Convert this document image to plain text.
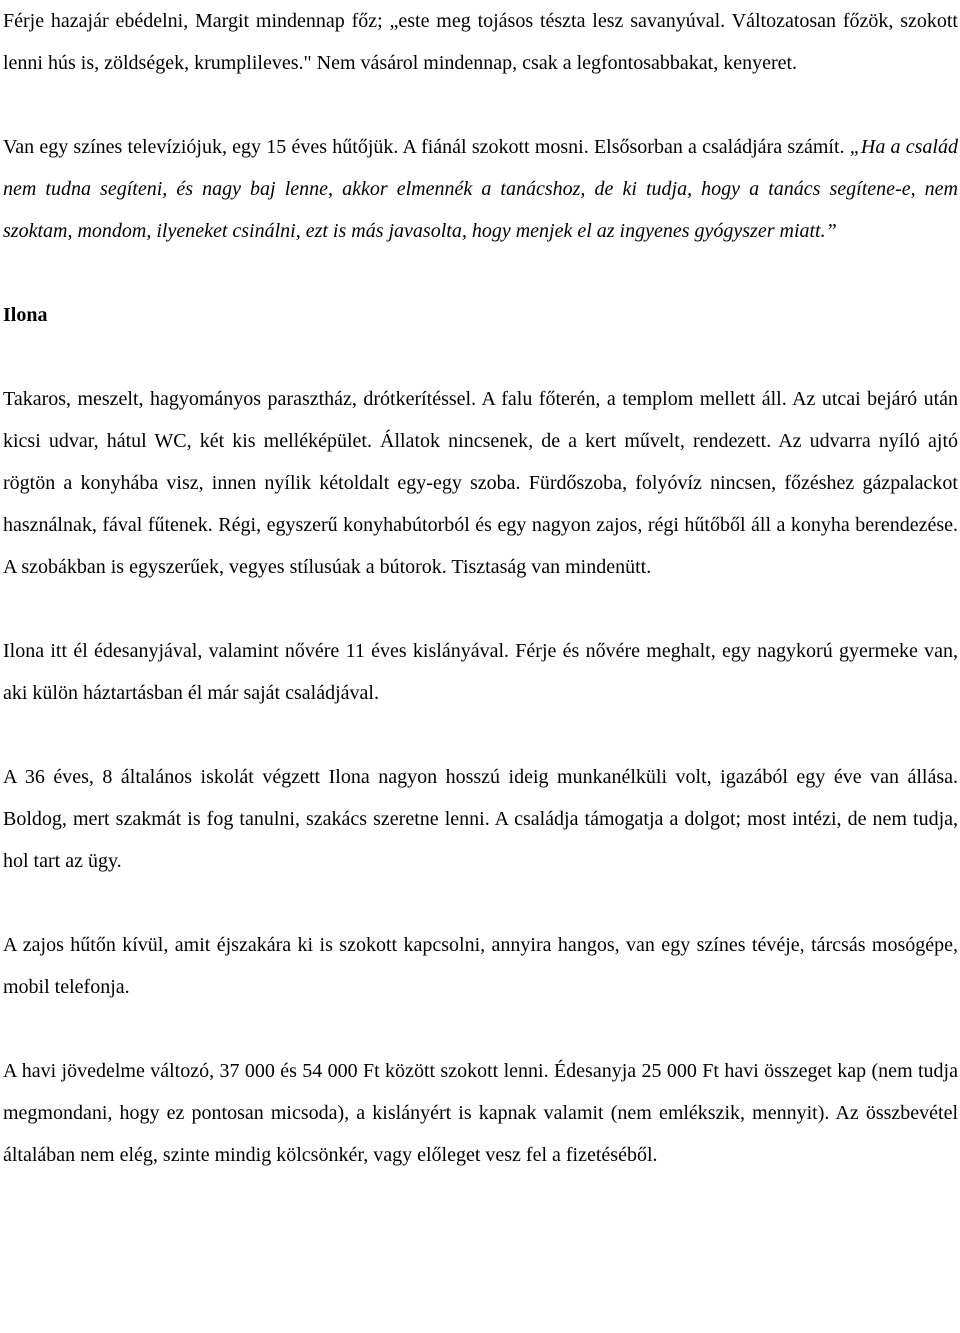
Férje hazajár ebédelni, Margit mindennap főz; „este meg tojásos tészta lesz savanyúval. Változatosan főzök, szokott lenni hús is, zöldségek, krumplileves." Nem vásárol mindennap, csak a legfontosabbakat, kenyeret.

Van egy színes televíziójuk, egy 15 éves hűtőjük. A fiánál szokott mosni. Elsősorban a családjára számít. „Ha a család nem tudna segíteni, és nagy baj lenne, akkor elmennék a tanácshoz, de ki tudja, hogy a tanács segítene-e, nem szoktam, mondom, ilyeneket csinálni, ezt is más javasolta, hogy menjek el az ingyenes gyógyszer miatt.”

Ilona

Takaros, meszelt, hagyományos parasztház, drótkerítéssel. A falu főterén, a templom mellett áll. Az utcai bejáró után kicsi udvar, hátul WC, két kis melléképület. Állatok nincsenek, de a kert művelt, rendezett. Az udvarra nyíló ajtó rögtön a konyhába visz, innen nyílik kétoldalt egy-egy szoba. Fürdőszoba, folyóvíz nincsen, főzéshez gázpalackot használnak, fával fűtenek. Régi, egyszerű konyhabútorból és egy nagyon zajos, régi hűtőből áll a konyha berendezése. A szobákban is egyszerűek, vegyes stílusúak a bútorok. Tisztaság van mindenütt.

Ilona itt él édesanyjával, valamint nővére 11 éves kislányával. Férje és nővére meghalt, egy nagykorú gyermeke van, aki külön háztartásban él már saját családjával.

A 36 éves, 8 általános iskolát végzett Ilona nagyon hosszú ideig munkanélküli volt, igazából egy éve van állása. Boldog, mert szakmát is fog tanulni, szakács szeretne lenni. A családja támogatja a dolgot; most intézi, de nem tudja, hol tart az ügy.

A zajos hűtőn kívül, amit éjszakára ki is szokott kapcsolni, annyira hangos, van egy színes tévéje, tárcsás mosógépe, mobil telefonja.

A havi jövedelme változó, 37 000 és 54 000 Ft között szokott lenni. Édesanyja 25 000 Ft havi összeget kap (nem tudja megmondani, hogy ez pontosan micsoda), a kislányért is kapnak valamit (nem emlékszik, mennyit). Az összbevétel általában nem elég, szinte mindig kölcsönkér, vagy előleget vesz fel a fizetéséből.
